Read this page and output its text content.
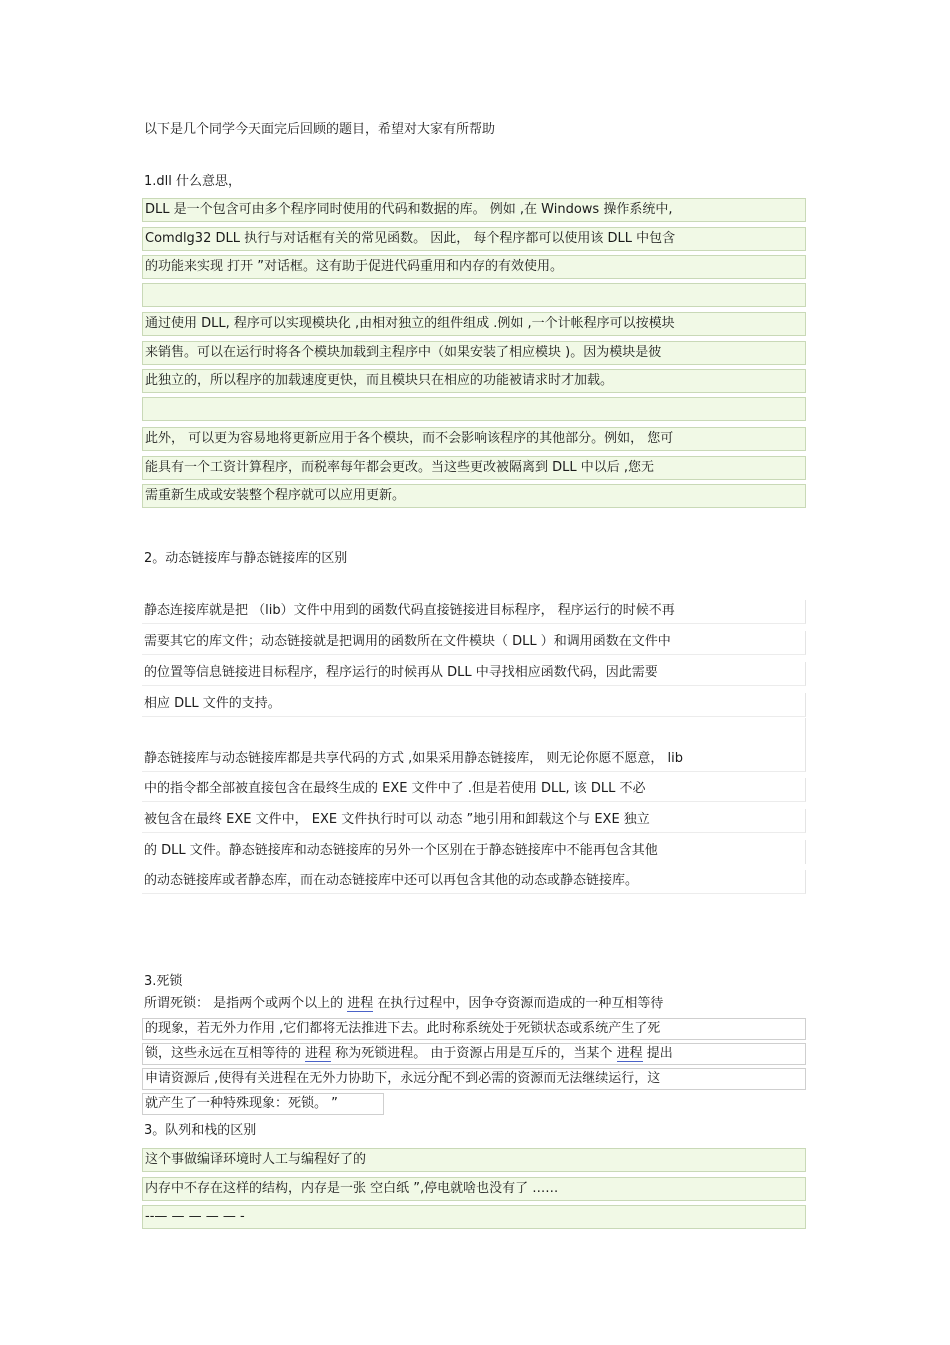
以下是几个同学今天面完后回顾的题目，希望对大家有所帮助
1.dll 什么意思，
DLL 是一个包含可由多个程序同时使用的代码和数据的库。 例如 ,在 Windows 操作系统中,
Comdlg32 DLL 执行与对话框有关的常见函数。 因此， 每个程序都可以使用该 DLL 中包含
的功能来实现 打开 ”对话框。这有助于促进代码重用和内存的有效使用。
通过使用 DLL, 程序可以实现模块化 ,由相对独立的组件组成 .例如 ,一个计帐程序可以按模块
来销售。可以在运行时将各个模块加载到主程序中（如果安装了相应模块 )。因为模块是彼
此独立的，所以程序的加载速度更快，而且模块只在相应的功能被请求时才加载。
此外， 可以更为容易地将更新应用于各个模块，而不会影响该程序的其他部分。例如， 您可
能具有一个工资计算程序，而税率每年都会更改。当这些更改被隔离到 DLL 中以后 ,您无
需重新生成或安装整个程序就可以应用更新。
2。动态链接库与静态链接库的区别
静态连接库就是把 （lib）文件中用到的函数代码直接链接进目标程序， 程序运行的时候不再
需要其它的库文件；动态链接就是把调用的函数所在文件模块（ DLL ）和调用函数在文件中
的位置等信息链接进目标程序，程序运行的时候再从 DLL 中寻找相应函数代码，因此需要
相应 DLL 文件的支持。
静态链接库与动态链接库都是共享代码的方式 ,如果采用静态链接库， 则无论你愿不愿意， lib
中的指令都全部被直接包含在最终生成的 EXE 文件中了 .但是若使用 DLL, 该 DLL 不必
被包含在最终 EXE 文件中， EXE 文件执行时可以 动态 ”地引用和卸载这个与 EXE 独立
的 DLL 文件。静态链接库和动态链接库的另外一个区别在于静态链接库中不能再包含其他
的动态链接库或者静态库，而在动态链接库中还可以再包含其他的动态或静态链接库。
3.死锁
所谓死锁： 是指两个或两个以上的 进程 在执行过程中，因争夺资源而造成的一种互相等待
的现象，若无外力作用 ,它们都将无法推进下去。此时称系统处于死锁状态或系统产生了死
锁，这些永远在互相等待的 进程 称为死锁进程。 由于资源占用是互斥的，当某个 进程 提出
申请资源后 ,使得有关进程在无外力协助下，永远分配不到必需的资源而无法继续运行，这
就产生了一种特殊现象：死锁。 ”
3。队列和栈的区别
这个事做编译环境时人工与编程好了的
内存中不存在这样的结构，内存是一张 空白纸 ”,停电就啥也没有了 ……
--— — — — — -
